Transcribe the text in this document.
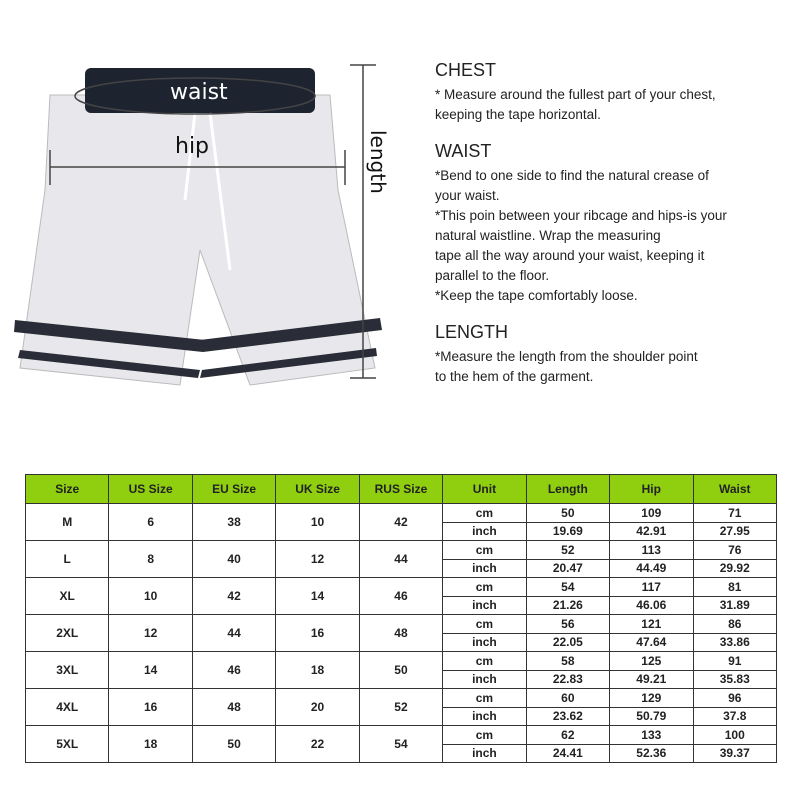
waist
hip	length
CHEST
* Measure around the fullest part of your chest,
keeping the tape horizontal.
WAIST
*Bend to one side to find the natural crease of
your waist.
*This poin between your ribcage and hips-is your
natural waistline. Wrap the measuring
tape all the way around your waist, keeping it
parallel to the floor.
*Keep the tape comfortably loose.
LENGTH
*Measure the length from the shoulder point
to the hem of the garment.
Size	US Size	EU Size	UK Size	RUS Size	Unit	Length	Hip	Waist
M	6	38	10	42	cm	50	109	71
					inch	19.69	42.91	27.95
L	8	40	12	44	cm	52	113	76
					inch	20.47	44.49	29.92
XL	10	42	14	46	cm	54	117	81
					inch	21.26	46.06	31.89
2XL	12	44	16	48	cm	56	121	86
					inch	22.05	47.64	33.86
3XL	14	46	18	50	cm	58	125	91
					inch	22.83	49.21	35.83
4XL	16	48	20	52	cm	60	129	96
					inch	23.62	50.79	37.8
5XL	18	50	22	54	cm	62	133	100
					inch	24.41	52.36	39.37
